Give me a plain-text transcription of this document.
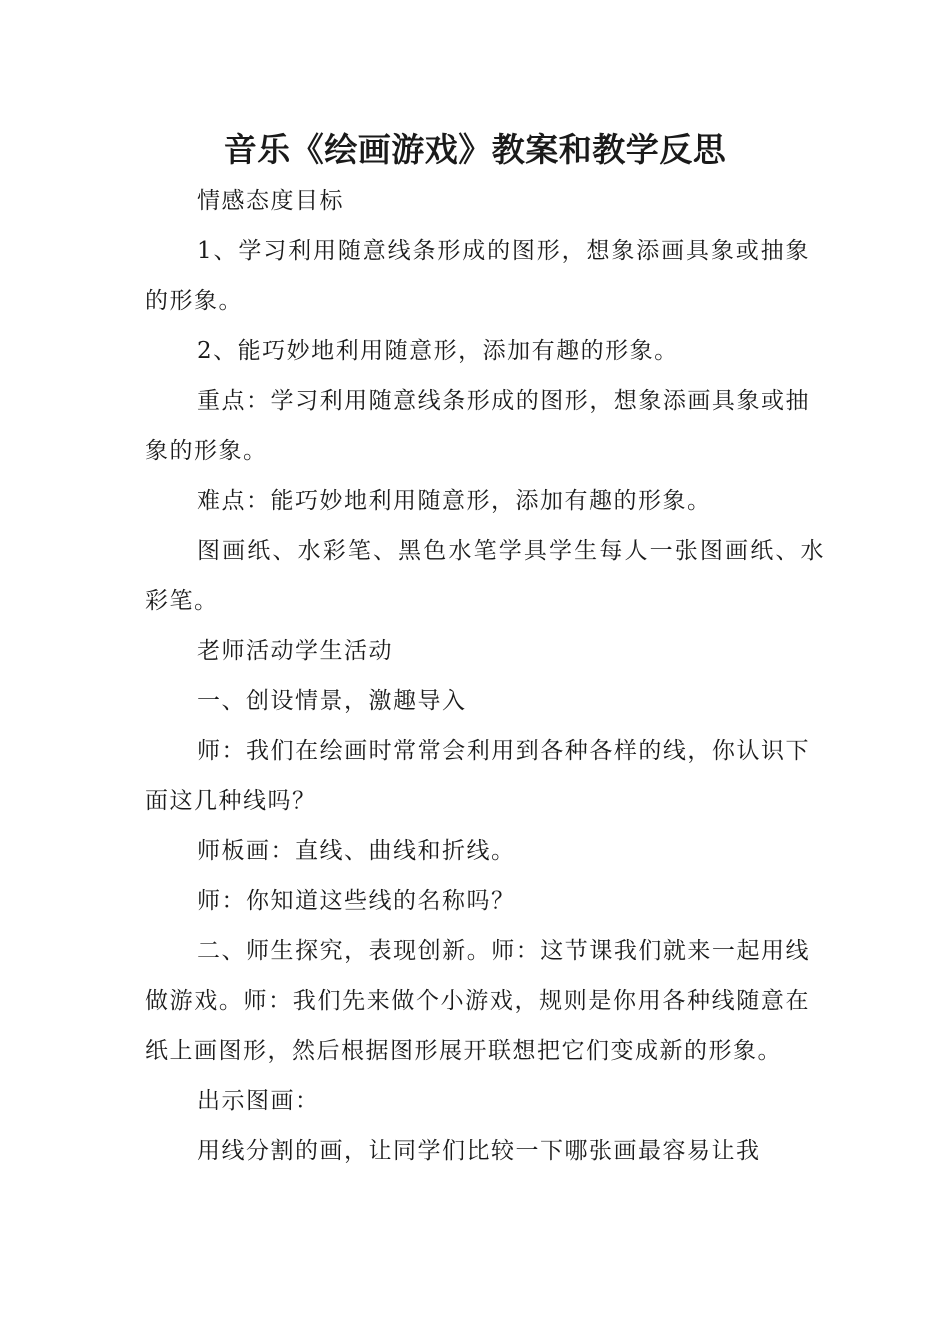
音乐《绘画游戏》教案和教学反思

情感态度目标

1、学习利用随意线条形成的图形，想象添画具象或抽象的形象。

2、能巧妙地利用随意形，添加有趣的形象。

重点：学习利用随意线条形成的图形，想象添画具象或抽象的形象。

难点：能巧妙地利用随意形，添加有趣的形象。

图画纸、水彩笔、黑色水笔学具学生每人一张图画纸、水彩笔。

老师活动学生活动

一、创设情景，激趣导入

师：我们在绘画时常常会利用到各种各样的线，你认识下面这几种线吗？

师板画：直线、曲线和折线。

师：你知道这些线的名称吗？

二、师生探究，表现创新。师：这节课我们就来一起用线做游戏。师：我们先来做个小游戏，规则是你用各种线随意在纸上画图形，然后根据图形展开联想把它们变成新的形象。

出示图画：

用线分割的画，让同学们比较一下哪张画最容易让我
